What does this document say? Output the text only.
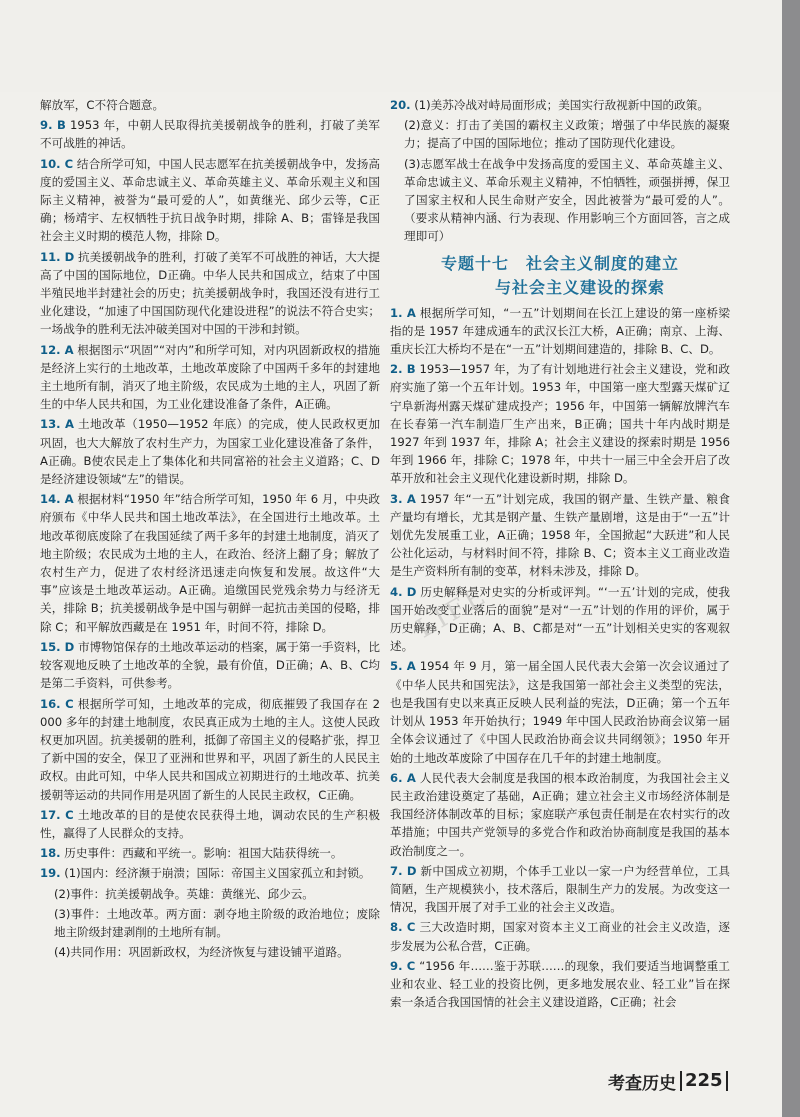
解放军，C不符合题意。
9. B 1953 年，中朝人民取得抗美援朝战争的胜利，打破了美军不可战胜的神话。
10. C 结合所学可知，中国人民志愿军在抗美援朝战争中，发扬高度的爱国主义、革命忠诚主义、革命英雄主义、革命乐观主义和国际主义精神，被誉为“最可爱的人”，如黄继光、邱少云等，C正确；杨靖宇、左权牺牲于抗日战争时期，排除 A、B；雷锋是我国社会主义时期的模范人物，排除 D。
11. D 抗美援朝战争的胜利，打破了美军不可战胜的神话，大大提高了中国的国际地位，D正确。中华人民共和国成立，结束了中国半殖民地半封建社会的历史；抗美援朝战争时，我国还没有进行工业化建设，“加速了中国国防现代化建设进程”的说法不符合史实；一场战争的胜利无法冲破美国对中国的干涉和封锁。
12. A 根据图示“巩固”“对内”和所学可知，对内巩固新政权的措施是经济上实行的土地改革，土地改革废除了中国两千多年的封建地主土地所有制，消灭了地主阶级，农民成为土地的主人，巩固了新生的中华人民共和国，为工业化建设准备了条件，A正确。
13. A 土地改革（1950—1952 年底）的完成，使人民政权更加巩固，也大大解放了农村生产力，为国家工业化建设准备了条件，A正确。B使农民走上了集体化和共同富裕的社会主义道路；C、D是经济建设领域“左”的错误。
14. A 根据材料“1950 年”结合所学可知，1950 年 6 月，中央政府颁布《中华人民共和国土地改革法》，在全国进行土地改革。土地改革彻底废除了在我国延续了两千多年的封建土地制度，消灭了地主阶级；农民成为土地的主人，在政治、经济上翻了身；解放了农村生产力，促进了农村经济迅速走向恢复和发展。故这件“大事”应该是土地改革运动。A正确。追缴国民党残余势力与经济无关，排除 B；抗美援朝战争是中国与朝鲜一起抗击美国的侵略，排除 C；和平解放西藏是在 1951 年，时间不符，排除 D。
15. D 市博物馆保存的土地改革运动的档案，属于第一手资料，比较客观地反映了土地改革的全貌，最有价值，D正确；A、B、C均是第二手资料，可供参考。
16. C 根据所学可知，土地改革的完成，彻底摧毁了我国存在 2 000 多年的封建土地制度，农民真正成为土地的主人。这使人民政权更加巩固。抗美援朝的胜利，抵御了帝国主义的侵略扩张，捍卫了新中国的安全，保卫了亚洲和世界和平，巩固了新生的人民民主政权。由此可知，中华人民共和国成立初期进行的土地改革、抗美援朝等运动的共同作用是巩固了新生的人民民主政权，C正确。
17. C 土地改革的目的是使农民获得土地，调动农民的生产积极性，赢得了人民群众的支持。
18. 历史事件：西藏和平统一。影响：祖国大陆获得统一。
19. (1)国内：经济濒于崩溃；国际：帝国主义国家孤立和封锁。
(2)事件：抗美援朝战争。英雄：黄继光、邱少云。
(3)事件：土地改革。两方面：剥夺地主阶级的政治地位；废除地主阶级封建剥削的土地所有制。
(4)共同作用：巩固新政权，为经济恢复与建设铺平道路。
20. (1)美苏冷战对峙局面形成；美国实行敌视新中国的政策。
(2)意义：打击了美国的霸权主义政策；增强了中华民族的凝聚力；提高了中国的国际地位；推动了国防现代化建设。
(3)志愿军战士在战争中发扬高度的爱国主义、革命英雄主义、革命忠诚主义、革命乐观主义精神，不怕牺牲，顽强拼搏，保卫了国家主权和人民生命财产安全，因此被誉为“最可爱的人”。（要求从精神内涵、行为表现、作用影响三个方面回答，言之成理即可）
专题十七　社会主义制度的建立
与社会主义建设的探索
1. A 根据所学可知，“一五”计划期间在长江上建设的第一座桥梁指的是 1957 年建成通车的武汉长江大桥，A正确；南京、上海、重庆长江大桥均不是在“一五”计划期间建造的，排除 B、C、D。
2. B 1953—1957 年，为了有计划地进行社会主义建设，党和政府实施了第一个五年计划。1953 年，中国第一座大型露天煤矿辽宁阜新海州露天煤矿建成投产；1956 年，中国第一辆解放牌汽车在长春第一汽车制造厂生产出来，B正确；国共十年内战时期是 1927 年到 1937 年，排除 A；社会主义建设的探索时期是 1956 年到 1966 年，排除 C；1978 年，中共十一届三中全会开启了改革开放和社会主义现代化建设新时期，排除 D。
3. A 1957 年“一五”计划完成，我国的钢产量、生铁产量、粮食产量均有增长，尤其是钢产量、生铁产量剧增，这是由于“一五”计划优先发展重工业，A正确；1958 年，全国掀起“大跃进”和人民公社化运动，与材料时间不符，排除 B、C；资本主义工商业改造是生产资料所有制的变革，材料未涉及，排除 D。
4. D 历史解释是对史实的分析或评判。“‘一五’计划的完成，使我国开始改变工业落后的面貌”是对“一五”计划的作用的评价，属于历史解释，D正确；A、B、C都是对“一五”计划相关史实的客观叙述。
5. A 1954 年 9 月，第一届全国人民代表大会第一次会议通过了《中华人民共和国宪法》，这是我国第一部社会主义类型的宪法，也是我国有史以来真正反映人民利益的宪法，D正确；第一个五年计划从 1953 年开始执行；1949 年中国人民政治协商会议第一届全体会议通过了《中国人民政治协商会议共同纲领》；1950 年开始的土地改革废除了中国存在几千年的封建土地制度。
6. A 人民代表大会制度是我国的根本政治制度，为我国社会主义民主政治建设奠定了基础，A正确；建立社会主义市场经济体制是我国经济体制改革的目标；家庭联产承包责任制是在农村实行的改革措施；中国共产党领导的多党合作和政治协商制度是我国的基本政治制度之一。
7. D 新中国成立初期，个体手工业以一家一户为经营单位，工具简陋，生产规模狭小，技术落后，限制生产力的发展。为改变这一情况，我国开展了对手工业的社会主义改造。
8. C 三大改造时期，国家对资本主义工商业的社会主义改造，逐步发展为公私合营，C正确。
9. C “1956 年……鉴于苏联……的现象，我们要适当地调整重工业和农业、轻工业的投资比例，更多地发展农业、轻工业”旨在探索一条适合我国国情的社会主义建设道路，C正确；社会
LIFE
考查历史 225
